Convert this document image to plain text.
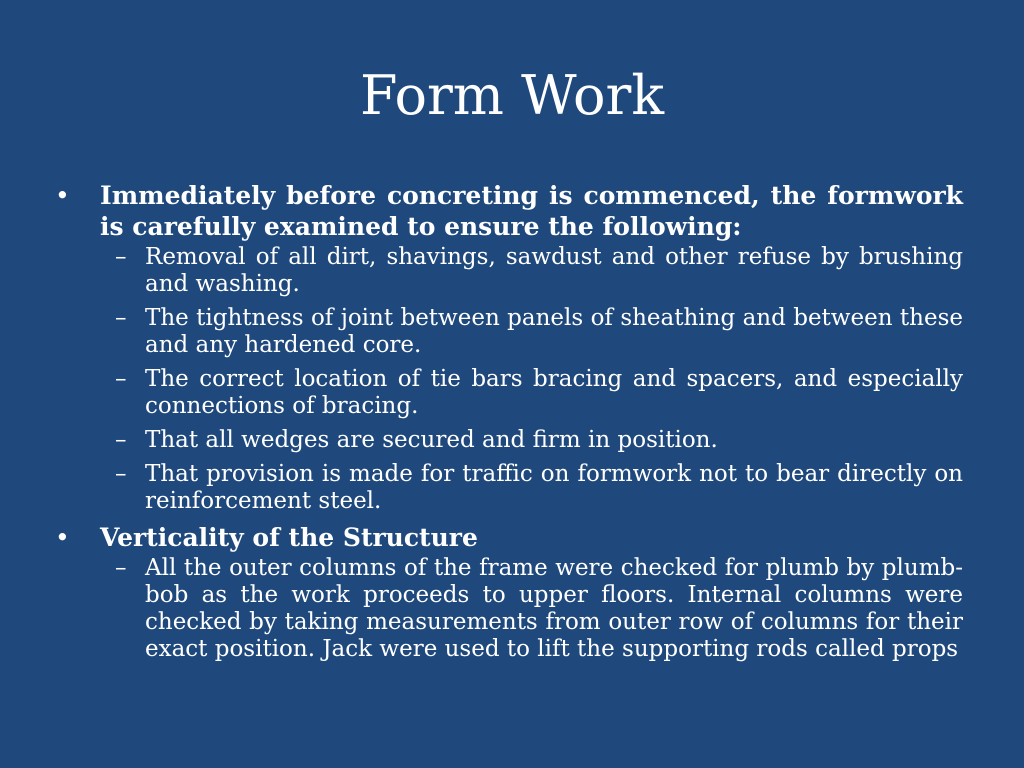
Form Work
• Immediately before concreting is commenced, the formwork is carefully examined to ensure the following:
– Removal of all dirt, shavings, sawdust and other refuse by brushing and washing.
– The tightness of joint between panels of sheathing and between these and any hardened core.
– The correct location of tie bars bracing and spacers, and especially connections of bracing.
– That all wedges are secured and firm in position.
– That provision is made for traffic on formwork not to bear directly on reinforcement steel.
• Verticality of the Structure
– All the outer columns of the frame were checked for plumb by plumb-bob as the work proceeds to upper floors. Internal columns were checked by taking measurements from outer row of columns for their exact position. Jack were used to lift the supporting rods called props
